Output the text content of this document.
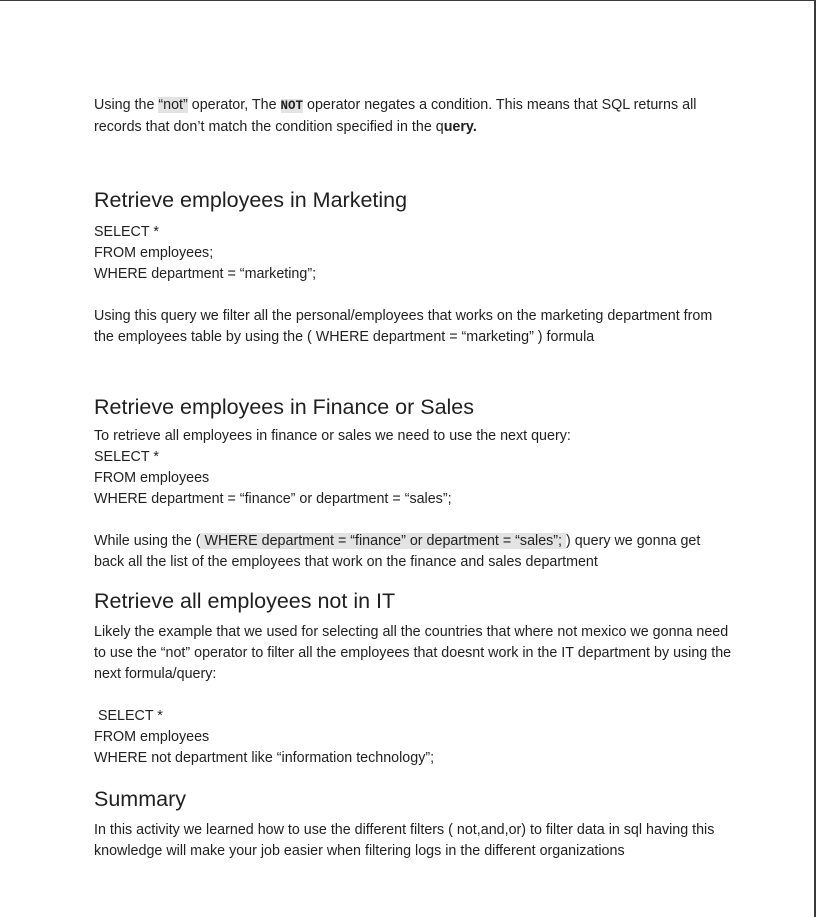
Using the “not” operator, The NOT operator negates a condition. This means that SQL returns all records that don’t match the condition specified in the query.

Retrieve employees in Marketing

SELECT *

FROM employees;

WHERE department = “marketing”;

Using this query we filter all the personal/employees that works on the marketing department from the employees table by using the ( WHERE department = “marketing” ) formula

Retrieve employees in Finance or Sales

To retrieve all employees in finance or sales we need to use the next query:

SELECT *

FROM employees

WHERE department = “finance” or department = “sales”;

While using the ( WHERE department = “finance” or department = “sales”; ) query we gonna get back all the list of the employees that work on the finance and sales department

Retrieve all employees not in IT

Likely the example that we used for selecting all the countries that where not mexico we gonna need to use the “not” operator to filter all the employees that doesnt work in the IT department by using the next formula/query:

SELECT *

FROM employees

WHERE not department like “information technology”;

Summary

In this activity we learned how to use the different filters ( not,and,or) to filter data in sql having this knowledge will make your job easier when filtering logs in the different organizations
